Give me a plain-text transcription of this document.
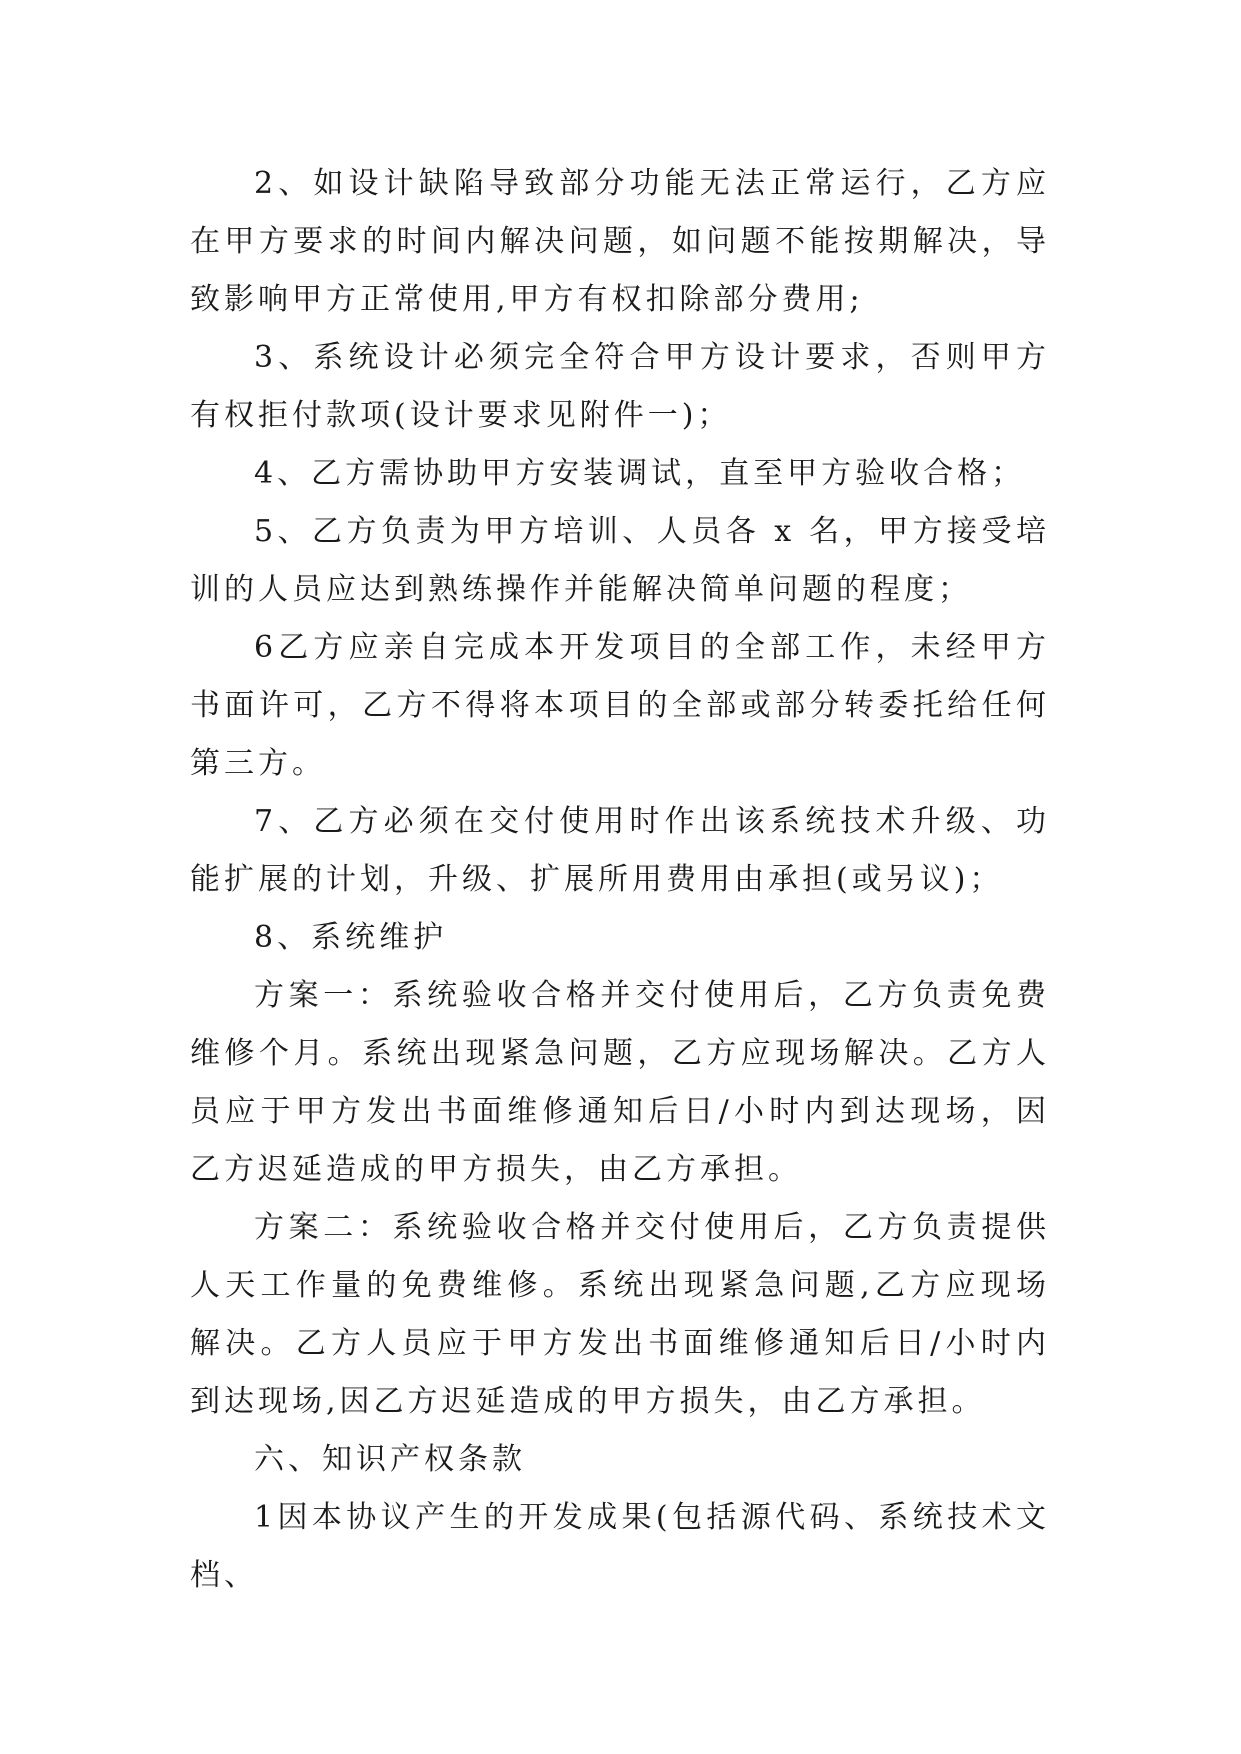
2、如设计缺陷导致部分功能无法正常运行，乙方应在甲方要求的时间内解决问题，如问题不能按期解决，导致影响甲方正常使用,甲方有权扣除部分费用;

3、系统设计必须完全符合甲方设计要求，否则甲方有权拒付款项(设计要求见附件一)；

4、乙方需协助甲方安装调试，直至甲方验收合格；

5、乙方负责为甲方培训、人员各 x 名，甲方接受培训的人员应达到熟练操作并能解决简单问题的程度；

6乙方应亲自完成本开发项目的全部工作，未经甲方书面许可，乙方不得将本项目的全部或部分转委托给任何第三方。

7、乙方必须在交付使用时作出该系统技术升级、功能扩展的计划，升级、扩展所用费用由承担(或另议)；

8、系统维护

方案一：系统验收合格并交付使用后，乙方负责免费维修个月。系统出现紧急问题，乙方应现场解决。乙方人员应于甲方发出书面维修通知后日/小时内到达现场，因乙方迟延造成的甲方损失，由乙方承担。

方案二：系统验收合格并交付使用后，乙方负责提供人天工作量的免费维修。系统出现紧急问题,乙方应现场解决。乙方人员应于甲方发出书面维修通知后日/小时内到达现场,因乙方迟延造成的甲方损失，由乙方承担。

六、知识产权条款

1因本协议产生的开发成果(包括源代码、系统技术文档、
